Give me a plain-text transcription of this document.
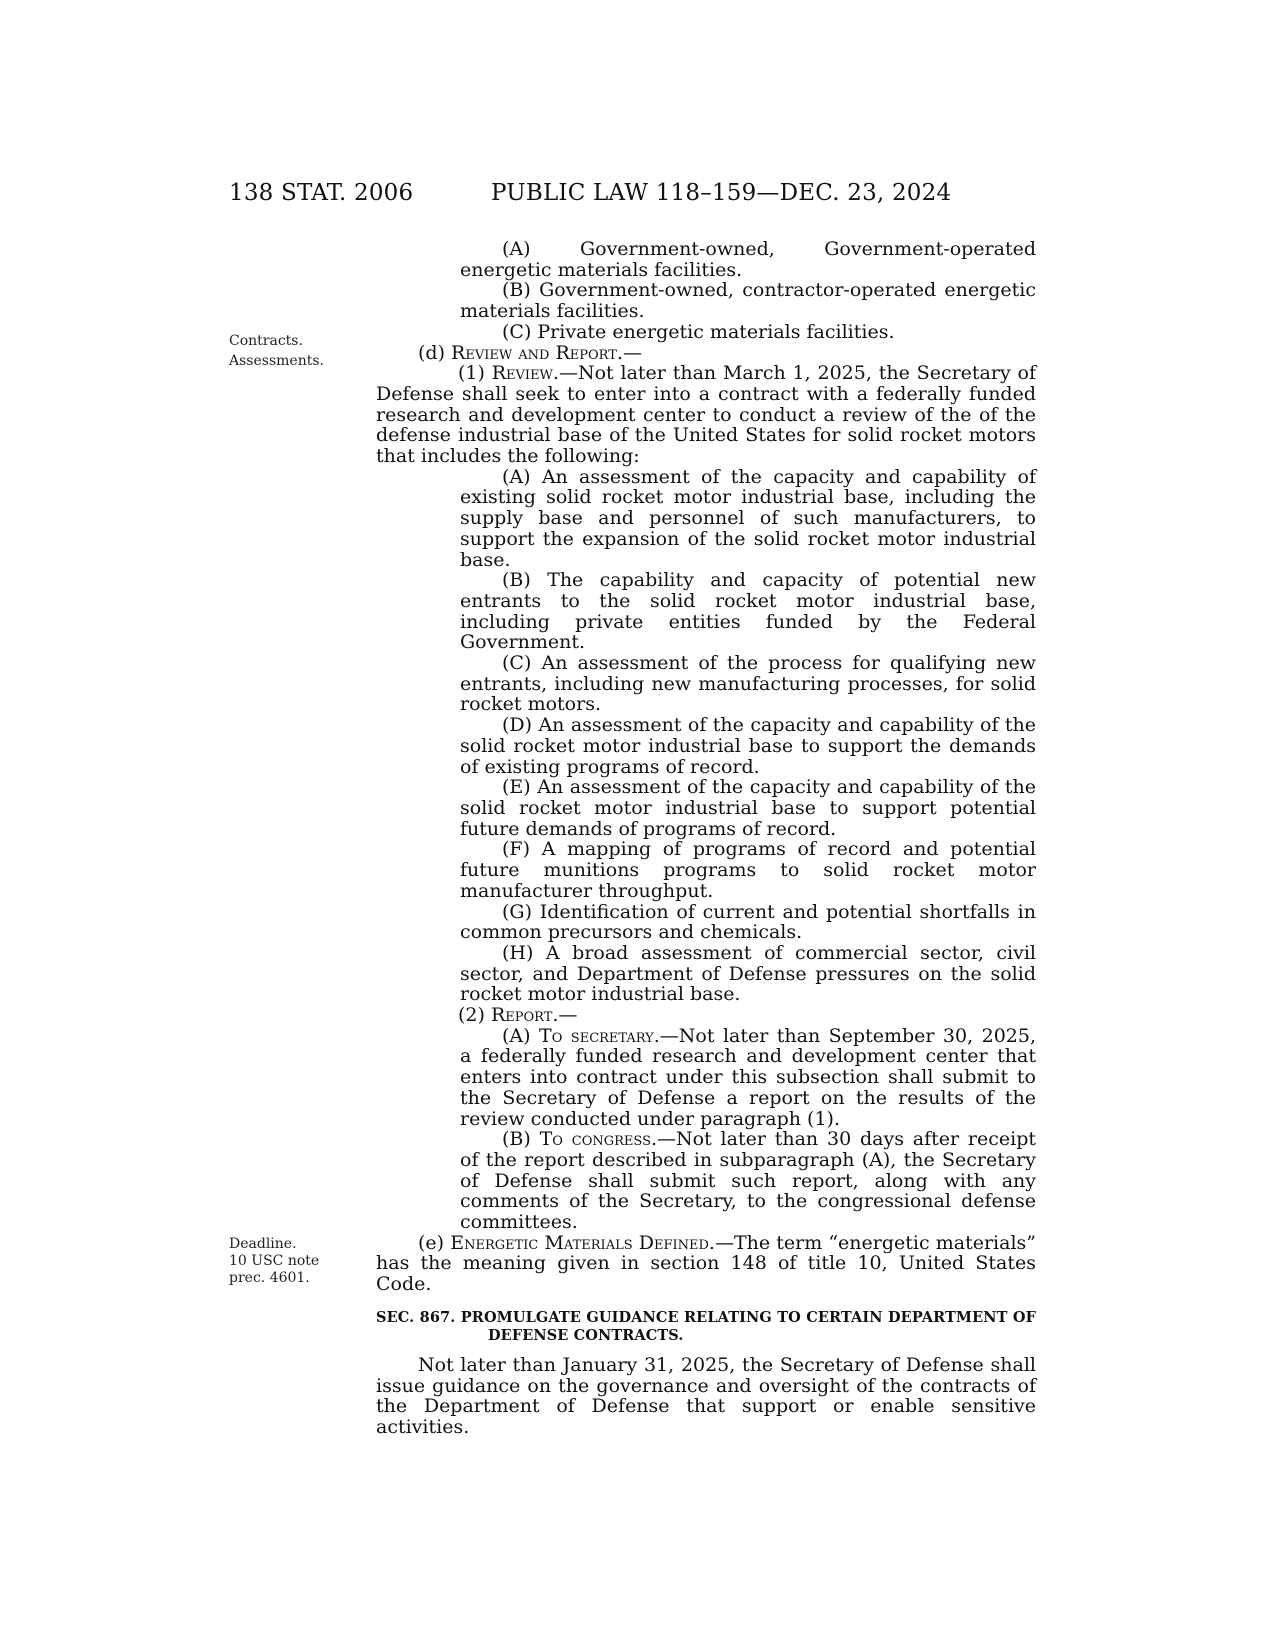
138 STAT. 2006	PUBLIC LAW 118–159—DEC. 23, 2024
Contracts.
Assessments.
Deadline.
10 USC note
prec. 4601.

(A) Government-owned, Government-operated energetic materials facilities.

(B) Government-owned, contractor-operated energetic materials facilities.

(C) Private energetic materials facilities.

(d) Review and Report.—

(1) Review.—Not later than March 1, 2025, the Secretary of Defense shall seek to enter into a contract with a federally funded research and development center to conduct a review of the of the defense industrial base of the United States for solid rocket motors that includes the following:

(A) An assessment of the capacity and capability of existing solid rocket motor industrial base, including the supply base and personnel of such manufacturers, to support the expansion of the solid rocket motor industrial base.

(B) The capability and capacity of potential new entrants to the solid rocket motor industrial base, including private entities funded by the Federal Government.

(C) An assessment of the process for qualifying new entrants, including new manufacturing processes, for solid rocket motors.

(D) An assessment of the capacity and capability of the solid rocket motor industrial base to support the demands of existing programs of record.

(E) An assessment of the capacity and capability of the solid rocket motor industrial base to support potential future demands of programs of record.

(F) A mapping of programs of record and potential future munitions programs to solid rocket motor manufacturer throughput.

(G) Identification of current and potential shortfalls in common precursors and chemicals.

(H) A broad assessment of commercial sector, civil sector, and Department of Defense pressures on the solid rocket motor industrial base.

(2) Report.—

(A) To secretary.—Not later than September 30, 2025, a federally funded research and development center that enters into contract under this subsection shall submit to the Secretary of Defense a report on the results of the review conducted under paragraph (1).

(B) To congress.—Not later than 30 days after receipt of the report described in subparagraph (A), the Secretary of Defense shall submit such report, along with any comments of the Secretary, to the congressional defense committees.

(e) Energetic Materials Defined.—The term “energetic materials” has the meaning given in section 148 of title 10, United States Code.

SEC. 867. PROMULGATE GUIDANCE RELATING TO CERTAIN DEPARTMENT OF DEFENSE CONTRACTS.

Not later than January 31, 2025, the Secretary of Defense shall issue guidance on the governance and oversight of the contracts of the Department of Defense that support or enable sensitive activities.
